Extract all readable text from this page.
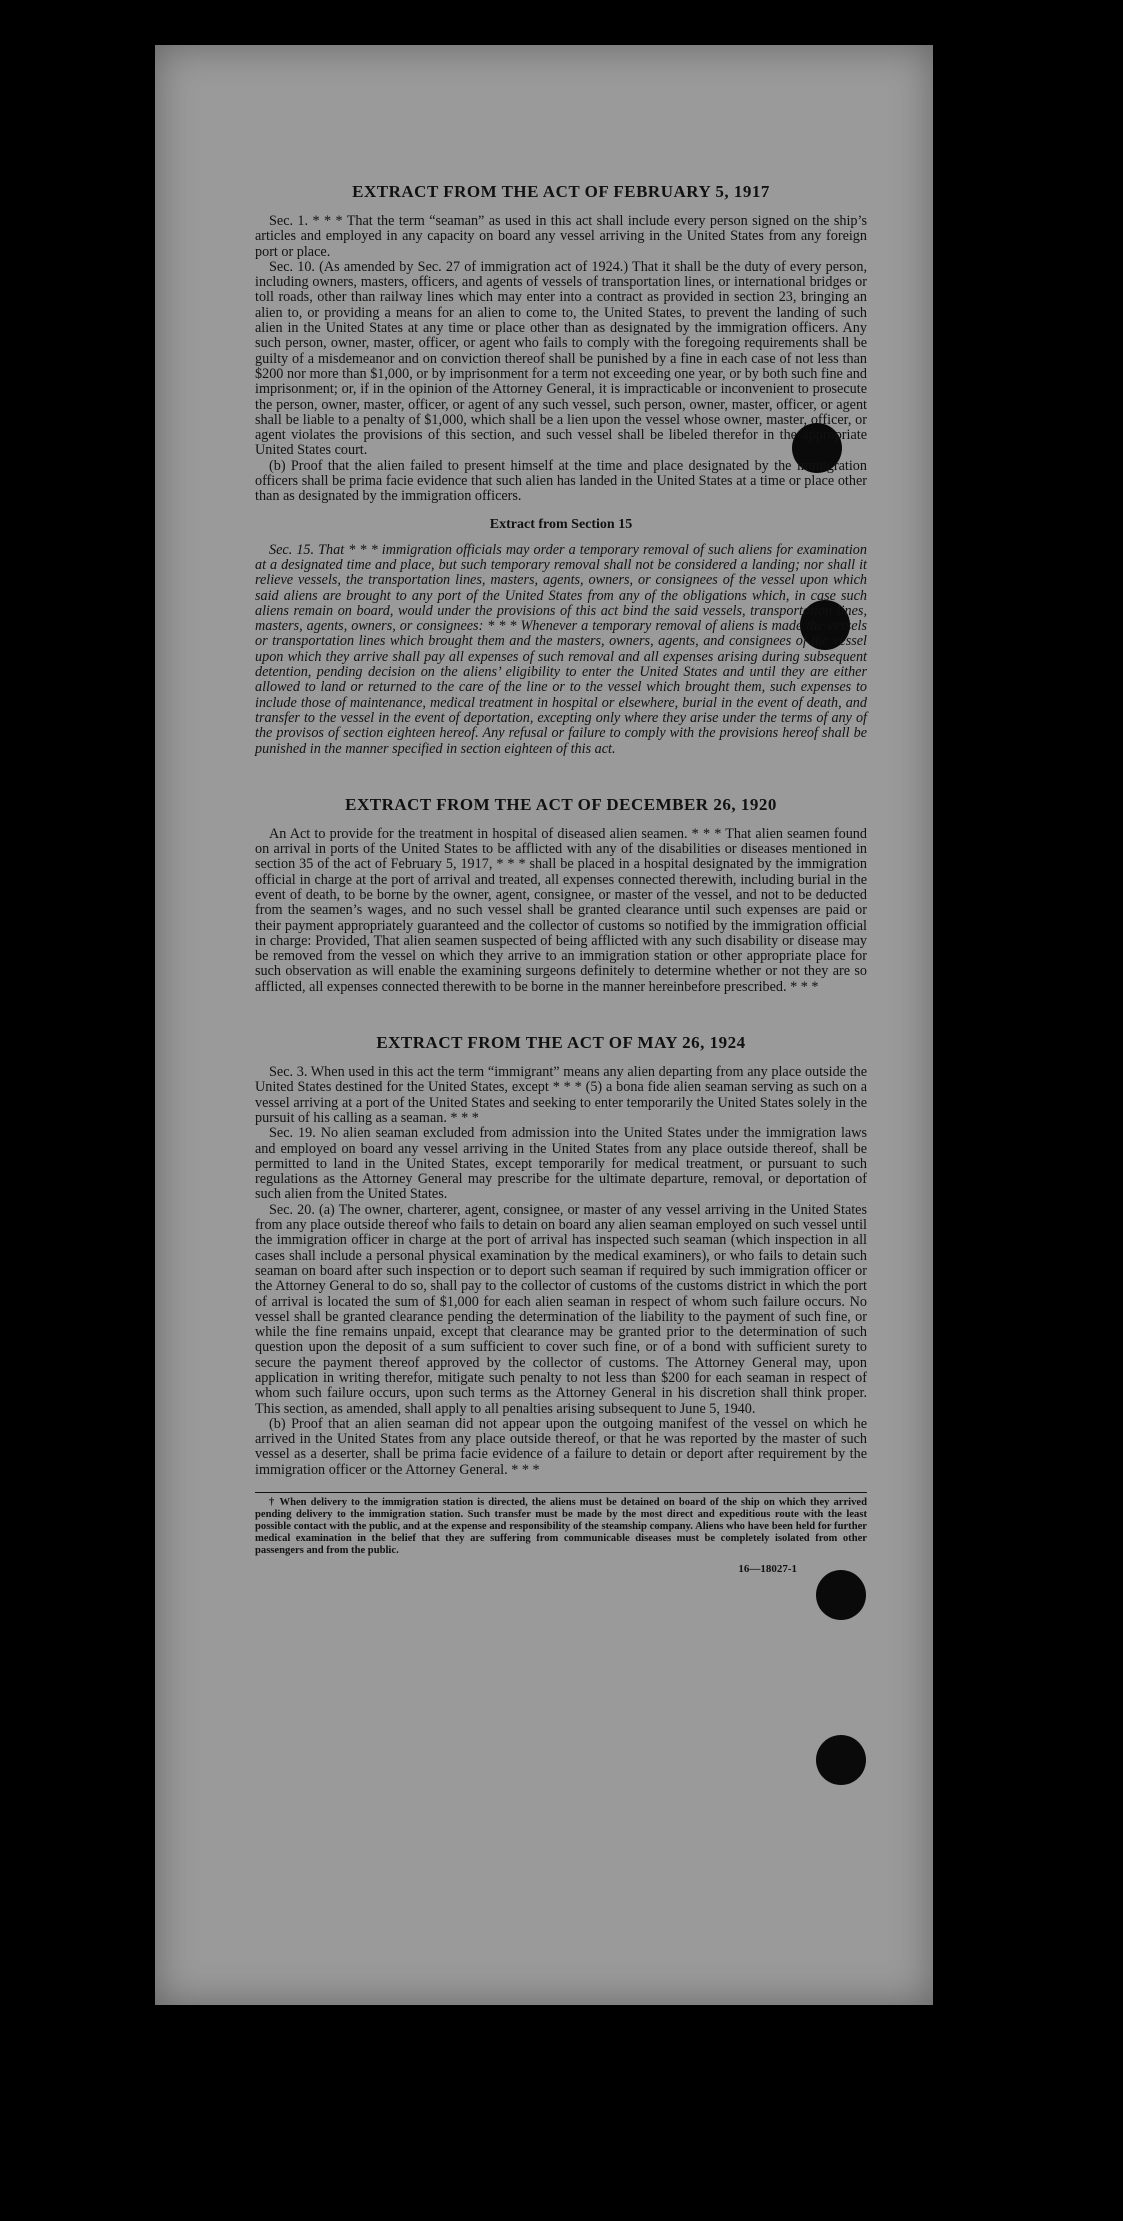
EXTRACT FROM THE ACT OF FEBRUARY 5, 1917

Sec. 1. * * * That the term “seaman” as used in this act shall include every person signed on the ship’s articles and employed in any capacity on board any vessel arriving in the United States from any foreign port or place.

Sec. 10. (As amended by Sec. 27 of immigration act of 1924.) That it shall be the duty of every person, including owners, masters, officers, and agents of vessels of transportation lines, or international bridges or toll roads, other than railway lines which may enter into a contract as provided in section 23, bringing an alien to, or providing a means for an alien to come to, the United States, to prevent the landing of such alien in the United States at any time or place other than as designated by the immigration officers. Any such person, owner, master, officer, or agent who fails to comply with the foregoing requirements shall be guilty of a misdemeanor and on conviction thereof shall be punished by a fine in each case of not less than $200 nor more than $1,000, or by imprisonment for a term not exceeding one year, or by both such fine and imprisonment; or, if in the opinion of the Attorney General, it is impracticable or inconvenient to prosecute the person, owner, master, officer, or agent of any such vessel, such person, owner, master, officer, or agent shall be liable to a penalty of $1,000, which shall be a lien upon the vessel whose owner, master, officer, or agent violates the provisions of this section, and such vessel shall be libeled therefor in the appropriate United States court.

(b) Proof that the alien failed to present himself at the time and place designated by the immigration officers shall be prima facie evidence that such alien has landed in the United States at a time or place other than as designated by the immigration officers.

Extract from Section 15

Sec. 15. That * * * immigration officials may order a temporary removal of such aliens for examination at a designated time and place, but such temporary removal shall not be considered a landing; nor shall it relieve vessels, the transportation lines, masters, agents, owners, or consignees of the vessel upon which said aliens are brought to any port of the United States from any of the obligations which, in case such aliens remain on board, would under the provisions of this act bind the said vessels, transportation lines, masters, agents, owners, or consignees: * * * Whenever a temporary removal of aliens is made the vessels or transportation lines which brought them and the masters, owners, agents, and consignees of the vessel upon which they arrive shall pay all expenses of such removal and all expenses arising during subsequent detention, pending decision on the aliens’ eligibility to enter the United States and until they are either allowed to land or returned to the care of the line or to the vessel which brought them, such expenses to include those of maintenance, medical treatment in hospital or elsewhere, burial in the event of death, and transfer to the vessel in the event of deportation, excepting only where they arise under the terms of any of the provisos of section eighteen hereof. Any refusal or failure to comply with the provisions hereof shall be punished in the manner specified in section eighteen of this act.

EXTRACT FROM THE ACT OF DECEMBER 26, 1920

An Act to provide for the treatment in hospital of diseased alien seamen. * * * That alien seamen found on arrival in ports of the United States to be afflicted with any of the disabilities or diseases mentioned in section 35 of the act of February 5, 1917, * * * shall be placed in a hospital designated by the immigration official in charge at the port of arrival and treated, all expenses connected therewith, including burial in the event of death, to be borne by the owner, agent, consignee, or master of the vessel, and not to be deducted from the seamen’s wages, and no such vessel shall be granted clearance until such expenses are paid or their payment appropriately guaranteed and the collector of customs so notified by the immigration official in charge: Provided, That alien seamen suspected of being afflicted with any such disability or disease may be removed from the vessel on which they arrive to an immigration station or other appropriate place for such observation as will enable the examining surgeons definitely to determine whether or not they are so afflicted, all expenses connected therewith to be borne in the manner hereinbefore prescribed. * * *

EXTRACT FROM THE ACT OF MAY 26, 1924

Sec. 3. When used in this act the term “immigrant” means any alien departing from any place outside the United States destined for the United States, except * * * (5) a bona fide alien seaman serving as such on a vessel arriving at a port of the United States and seeking to enter temporarily the United States solely in the pursuit of his calling as a seaman. * * *

Sec. 19. No alien seaman excluded from admission into the United States under the immigration laws and employed on board any vessel arriving in the United States from any place outside thereof, shall be permitted to land in the United States, except temporarily for medical treatment, or pursuant to such regulations as the Attorney General may prescribe for the ultimate departure, removal, or deportation of such alien from the United States.

Sec. 20. (a) The owner, charterer, agent, consignee, or master of any vessel arriving in the United States from any place outside thereof who fails to detain on board any alien seaman employed on such vessel until the immigration officer in charge at the port of arrival has inspected such seaman (which inspection in all cases shall include a personal physical examination by the medical examiners), or who fails to detain such seaman on board after such inspection or to deport such seaman if required by such immigration officer or the Attorney General to do so, shall pay to the collector of customs of the customs district in which the port of arrival is located the sum of $1,000 for each alien seaman in respect of whom such failure occurs. No vessel shall be granted clearance pending the determination of the liability to the payment of such fine, or while the fine remains unpaid, except that clearance may be granted prior to the determination of such question upon the deposit of a sum sufficient to cover such fine, or of a bond with sufficient surety to secure the payment thereof approved by the collector of customs. The Attorney General may, upon application in writing therefor, mitigate such penalty to not less than $200 for each seaman in respect of whom such failure occurs, upon such terms as the Attorney General in his discretion shall think proper. This section, as amended, shall apply to all penalties arising subsequent to June 5, 1940.

(b) Proof that an alien seaman did not appear upon the outgoing manifest of the vessel on which he arrived in the United States from any place outside thereof, or that he was reported by the master of such vessel as a deserter, shall be prima facie evidence of a failure to detain or deport after requirement by the immigration officer or the Attorney General. * * *

† When delivery to the immigration station is directed, the aliens must be detained on board of the ship on which they arrived pending delivery to the immigration station. Such transfer must be made by the most direct and expeditious route with the least possible contact with the public, and at the expense and responsibility of the steamship company. Aliens who have been held for further medical examination in the belief that they are suffering from communicable diseases must be completely isolated from other passengers and from the public.

16—18027-1
